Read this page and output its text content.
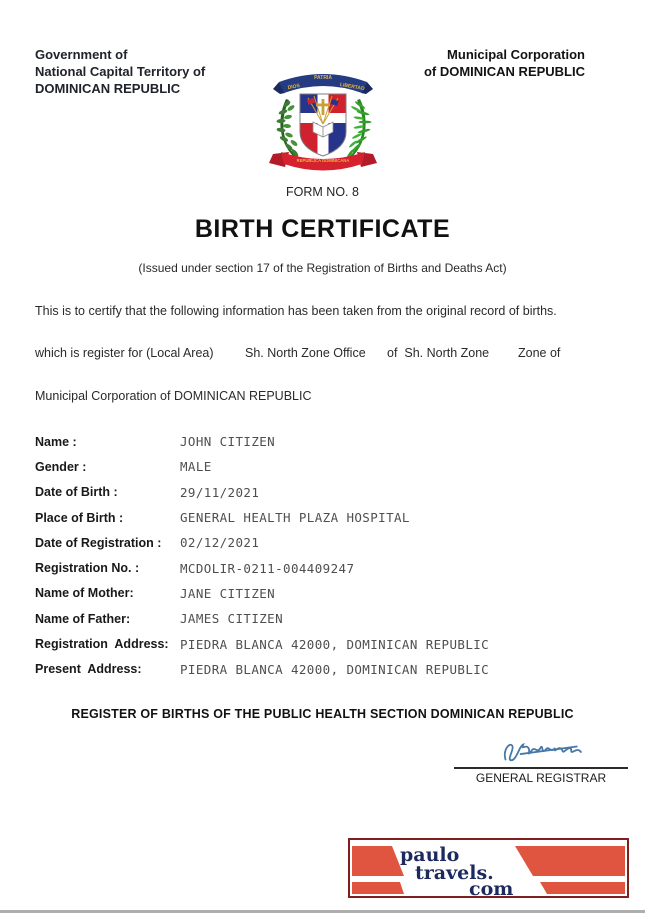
Government of
National Capital Territory of
DOMINICAN REPUBLIC
Municipal Corporation
of DOMINICAN REPUBLIC
DIOS
PATRIA
LIBERTAD
REPÚBLICA DOMINICANA
FORM NO. 8
BIRTH CERTIFICATE
(Issued under section 17 of the Registration of Births and Deaths Act)
This is to certify that the following information has been taken from the original record of births.
which is register for (Local Area)	Sh. North Zone Office of  Sh. North Zone Zone of
Municipal Corporation of DOMINICAN REPUBLIC
Name :	JOHN CITIZEN
Gender :	MALE
Date of Birth :	29/11/2021
Place of Birth :	GENERAL HEALTH PLAZA HOSPITAL
Date of Registration :	02/12/2021
Registration No. :	MCDOLIR-0211-004409247
Name of Mother:	JANE CITIZEN
Name of Father:	JAMES CITIZEN
Registration  Address: PIEDRA BLANCA 42000, DOMINICAN REPUBLIC
Present  Address:	PIEDRA BLANCA 42000, DOMINICAN REPUBLIC
REGISTER OF BIRTHS OF THE PUBLIC HEALTH SECTION DOMINICAN REPUBLIC
GENERAL REGISTRAR
paulo
travels.
com
